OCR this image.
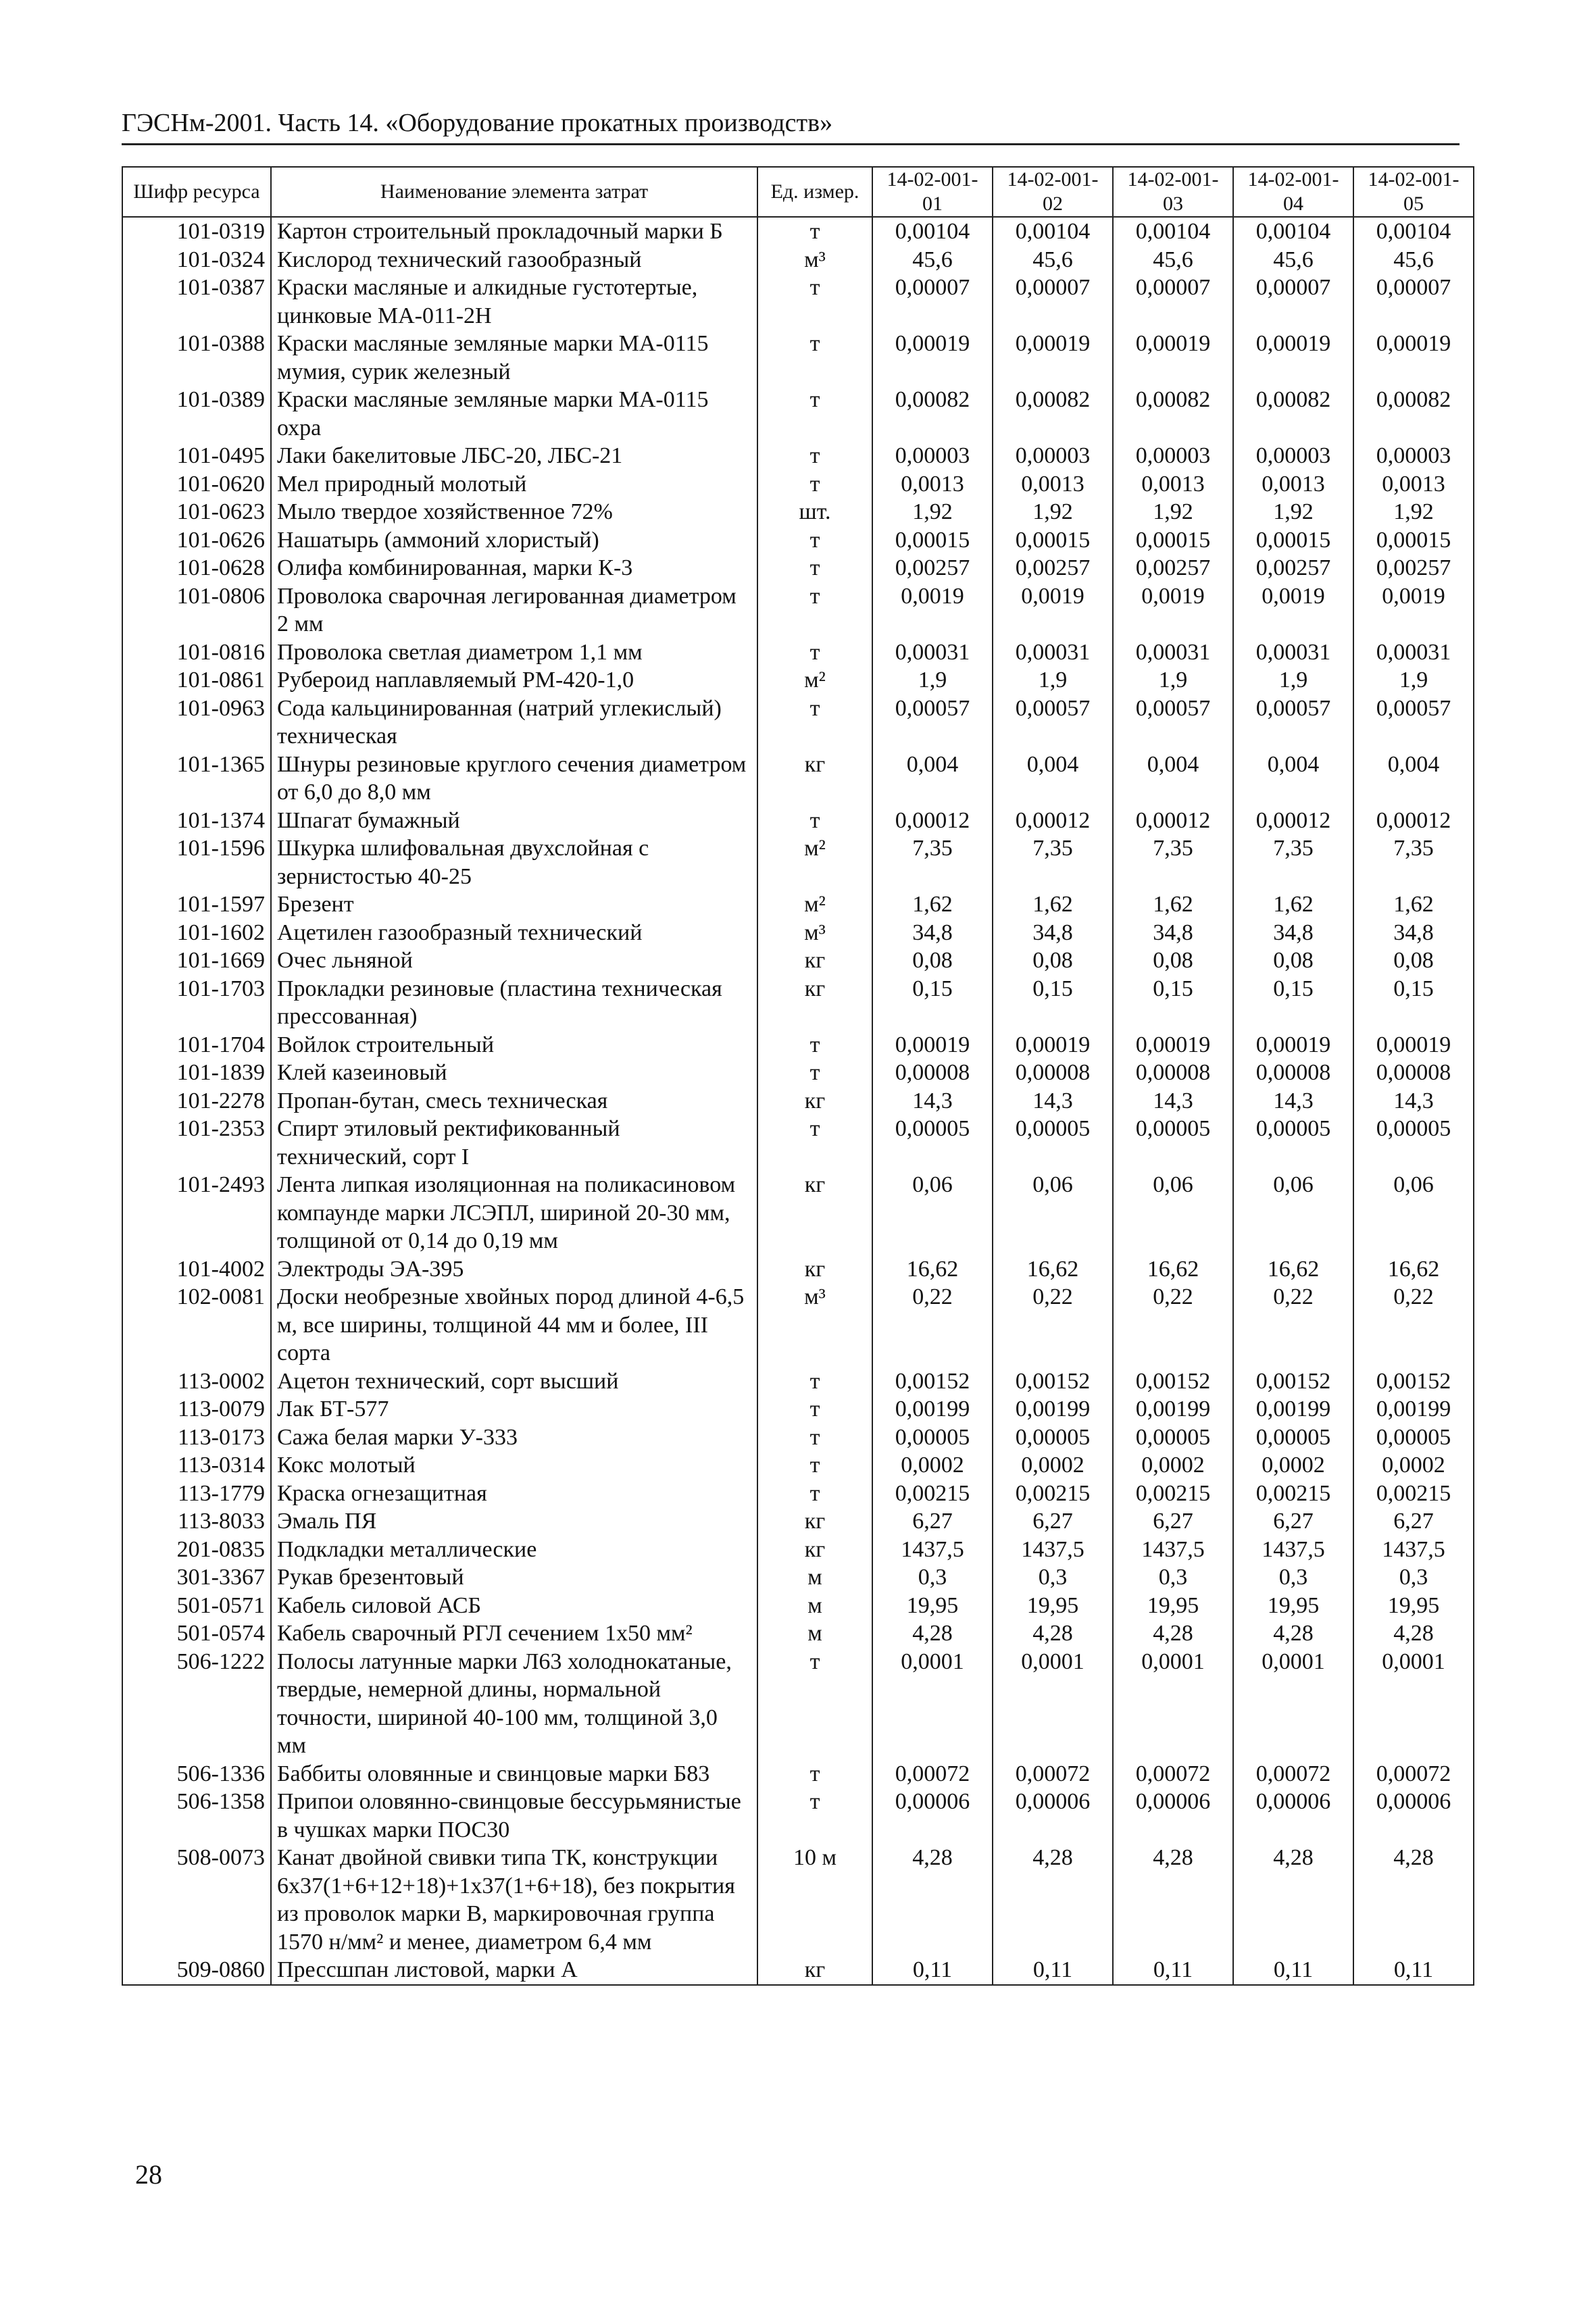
ГЭСНм-2001. Часть 14. «Оборудование прокатных производств»
Шифр ресурса	Наименование элемента затрат	Ед. измер.	14-02-001-01	14-02-001-02	14-02-001-03	14-02-001-04	14-02-001-05
101-0319	Картон строительный прокладочный марки Б	т	0,00104	0,00104	0,00104	0,00104	0,00104
101-0324	Кислород технический газообразный	м³	45,6	45,6	45,6	45,6	45,6
101-0387	Краски масляные и алкидные густотертые, цинковые МА-011-2Н	т	0,00007	0,00007	0,00007	0,00007	0,00007
101-0388	Краски масляные земляные марки МА-0115 мумия, сурик железный	т	0,00019	0,00019	0,00019	0,00019	0,00019
101-0389	Краски масляные земляные марки МА-0115 охра	т	0,00082	0,00082	0,00082	0,00082	0,00082
101-0495	Лаки бакелитовые ЛБС-20, ЛБС-21	т	0,00003	0,00003	0,00003	0,00003	0,00003
101-0620	Мел природный молотый	т	0,0013	0,0013	0,0013	0,0013	0,0013
101-0623	Мыло твердое хозяйственное 72%	шт.	1,92	1,92	1,92	1,92	1,92
101-0626	Нашатырь (аммоний хлористый)	т	0,00015	0,00015	0,00015	0,00015	0,00015
101-0628	Олифа комбинированная, марки К-3	т	0,00257	0,00257	0,00257	0,00257	0,00257
101-0806	Проволока сварочная легированная диаметром 2 мм	т	0,0019	0,0019	0,0019	0,0019	0,0019
101-0816	Проволока светлая диаметром 1,1 мм	т	0,00031	0,00031	0,00031	0,00031	0,00031
101-0861	Рубероид наплавляемый РМ-420-1,0	м²	1,9	1,9	1,9	1,9	1,9
101-0963	Сода кальцинированная (натрий углекислый) техническая	т	0,00057	0,00057	0,00057	0,00057	0,00057
101-1365	Шнуры резиновые круглого сечения диаметром от 6,0 до 8,0 мм	кг	0,004	0,004	0,004	0,004	0,004
101-1374	Шпагат бумажный	т	0,00012	0,00012	0,00012	0,00012	0,00012
101-1596	Шкурка шлифовальная двухслойная с зернистостью 40-25	м²	7,35	7,35	7,35	7,35	7,35
101-1597	Брезент	м²	1,62	1,62	1,62	1,62	1,62
101-1602	Ацетилен газообразный технический	м³	34,8	34,8	34,8	34,8	34,8
101-1669	Очес льняной	кг	0,08	0,08	0,08	0,08	0,08
101-1703	Прокладки резиновые (пластина техническая прессованная)	кг	0,15	0,15	0,15	0,15	0,15
101-1704	Войлок строительный	т	0,00019	0,00019	0,00019	0,00019	0,00019
101-1839	Клей казеиновый	т	0,00008	0,00008	0,00008	0,00008	0,00008
101-2278	Пропан-бутан, смесь техническая	кг	14,3	14,3	14,3	14,3	14,3
101-2353	Спирт этиловый ректификованный технический, сорт I	т	0,00005	0,00005	0,00005	0,00005	0,00005
101-2493	Лента липкая изоляционная на поликасиновом компаунде марки ЛСЭПЛ, шириной 20-30 мм, толщиной от 0,14 до 0,19 мм	кг	0,06	0,06	0,06	0,06	0,06
101-4002	Электроды ЭА-395	кг	16,62	16,62	16,62	16,62	16,62
102-0081	Доски необрезные хвойных пород длиной 4-6,5 м, все ширины, толщиной 44 мм и более, III сорта	м³	0,22	0,22	0,22	0,22	0,22
113-0002	Ацетон технический, сорт высший	т	0,00152	0,00152	0,00152	0,00152	0,00152
113-0079	Лак БТ-577	т	0,00199	0,00199	0,00199	0,00199	0,00199
113-0173	Сажа белая марки У-333	т	0,00005	0,00005	0,00005	0,00005	0,00005
113-0314	Кокс молотый	т	0,0002	0,0002	0,0002	0,0002	0,0002
113-1779	Краска огнезащитная	т	0,00215	0,00215	0,00215	0,00215	0,00215
113-8033	Эмаль ПЯ	кг	6,27	6,27	6,27	6,27	6,27
201-0835	Подкладки металлические	кг	1437,5	1437,5	1437,5	1437,5	1437,5
301-3367	Рукав брезентовый	м	0,3	0,3	0,3	0,3	0,3
501-0571	Кабель силовой АСБ	м	19,95	19,95	19,95	19,95	19,95
501-0574	Кабель сварочный РГЛ сечением 1х50 мм²	м	4,28	4,28	4,28	4,28	4,28
506-1222	Полосы латунные марки Л63 холоднокатаные, твердые, немерной длины, нормальной точности, шириной 40-100 мм, толщиной 3,0 мм	т	0,0001	0,0001	0,0001	0,0001	0,0001
506-1336	Баббиты оловянные и свинцовые марки Б83	т	0,00072	0,00072	0,00072	0,00072	0,00072
506-1358	Припои оловянно-свинцовые бессурьмянистые в чушках марки ПОС30	т	0,00006	0,00006	0,00006	0,00006	0,00006
508-0073	Канат двойной свивки типа ТК, конструкции 6х37(1+6+12+18)+1х37(1+6+18), без покрытия из проволок марки В, маркировочная группа 1570 н/мм² и менее, диаметром 6,4 мм	10 м	4,28	4,28	4,28	4,28	4,28
509-0860	Прессшпан листовой, марки А	кг	0,11	0,11	0,11	0,11	0,11
28
